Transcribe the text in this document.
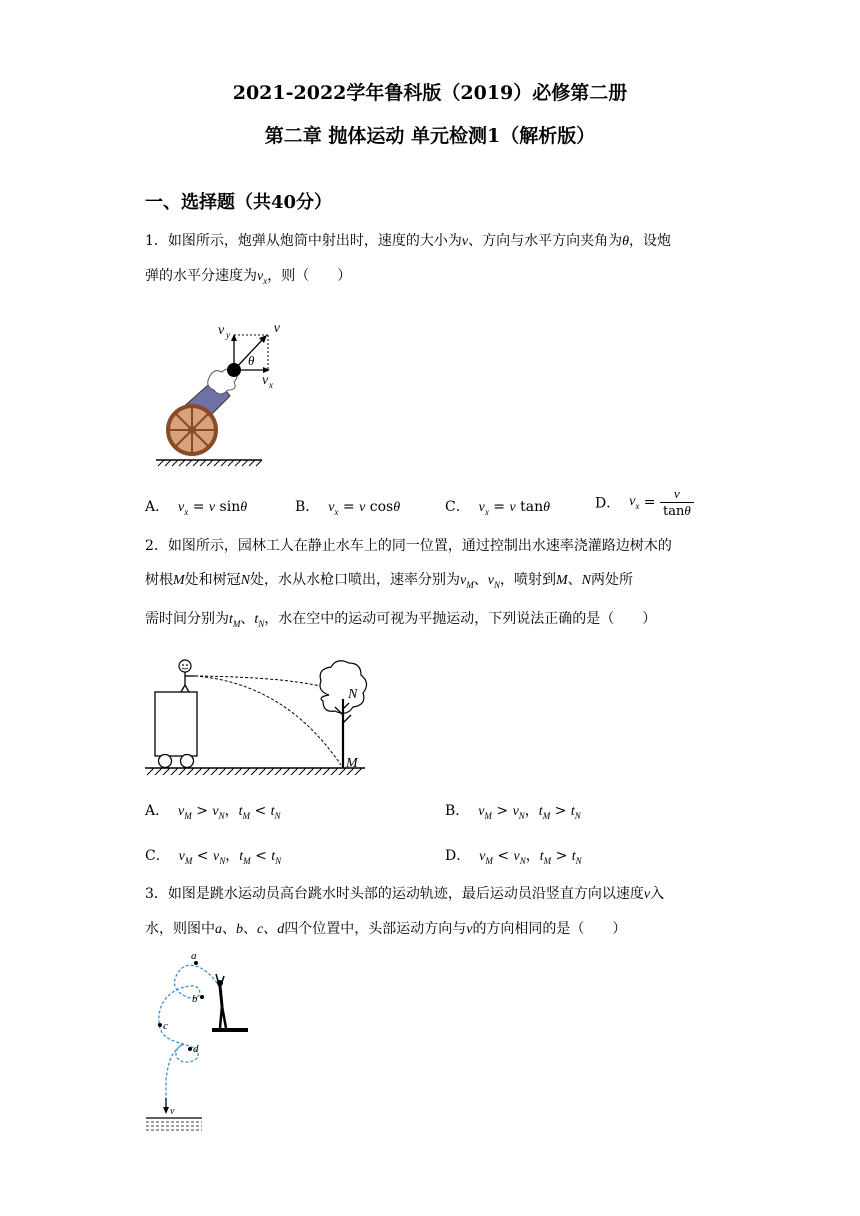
2021-2022学年鲁科版（2019）必修第二册
第二章 抛体运动 单元检测1（解析版）
一、选择题（共40分）
1．如图所示，炮弹从炮筒中射出时，速度的大小为v、方向与水平方向夹角为θ，设炮
弹的水平分速度为$v_x$，则（　　）
v y	v
θ
v x
A． $v_x = v$ sinθ	B． $v_x = v$ cosθ	C． $v_x = v$ tanθ	D． $v_x = \frac{v}{\tan\theta}$
2．如图所示，园林工人在静止水车上的同一位置，通过控制出水速率浇灌路边树木的
树根M处和树冠N处，水从水枪口喷出，速率分别为$v_M$、$v_N$，喷射到M、N两处所
需时间分别为$t_M$、$t_N$，水在空中的运动可视为平抛运动，下列说法正确的是（　　）
N
M
A． $v_M > v_N$，$t_M < t_N$	B． $v_M > v_N$，$t_M > t_N$
C． $v_M < v_N$，$t_M < t_N$	D． $v_M < v_N$，$t_M > t_N$
3．如图是跳水运动员高台跳水时头部的运动轨迹，最后运动员沿竖直方向以速度v入
水，则图中a、b、c、d四个位置中，头部运动方向与v的方向相同的是（　　）
a
b
c
d
v
